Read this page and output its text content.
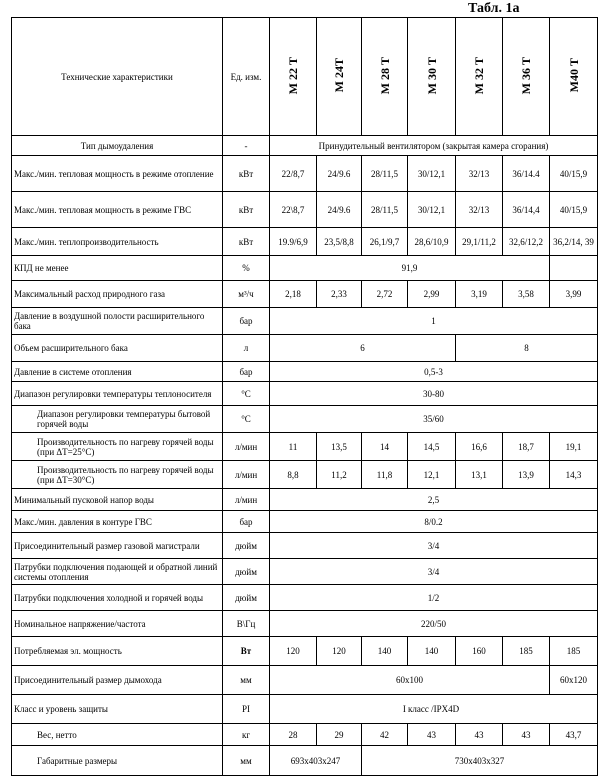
Табл. 1а
Технические характеристики	Ед. изм.	М 22 Т	М 24Т	М 28 Т	М 30 Т	М 32 Т	М 36 Т	М40 Т
Тип дымоудаления	-	Принудительный вентилятором (закрытая камера сгорания)						
Макс./мин. тепловая мощность в режиме отопление	кВт	22/8,7	24/9.6	28/11,5	30/12,1	32/13	36/14.4	40/15,9
Макс./мин. тепловая мощность в режиме ГВС	кВт	22\8,7	24/9.6	28/11,5	30/12,1	32/13	36/14,4	40/15,9
Макс./мин. теплопроизводительность	кВт	19.9/6,9	23,5/8,8	26,1/9,7	28,6/10,9	29,1/11,2	32,6/12,2	36,2/14, 39
КПД не менее	%	91,9						
Максимальный расход природного газа	м³/ч	2,18	2,33	2,72	2,99	3,19	3,58	3,99
Давление в воздушной полости расширительного бака	бар	1						
Объем расширительного бака	л	6				8		
Давление в системе отопления	бар	0,5-3						
Диапазон регулировки температуры теплоносителя	°С	30-80						
Диапазон регулировки температуры бытовой горячей воды	°С	35/60						
Производительность по нагреву горячей воды (при ΔТ=25°С)	л/мин	11	13,5	14	14,5	16,6	18,7	19,1
Производительность по нагреву горячей воды (при ΔТ=30°С)	л/мин	8,8	11,2	11,8	12,1	13,1	13,9	14,3
Минимальный пусковой напор воды	л/мин	2,5						
Макс./мин. давления в контуре ГВС	бар	8/0.2						
Присоединительный размер газовой магистрали	дюйм	3/4						
Патрубки подключения подающей и обратной линий системы отопления	дюйм	3/4						
Патрубки подключения холодной и горячей воды	дюйм	1/2						
Номинальное напряжение/частота	В\Гц	220/50						
Потребляемая эл. мощность	Вт	120	120	140	140	160	185	185
Присоединительный размер дымохода	мм	60х100						60х120
Класс и уровень защиты	PI	I класс /IPX4D						
Вес, нетто	кг	28	29	42	43	43	43	43,7
Габаритные размеры	мм	693х403х247		730х403х327				
